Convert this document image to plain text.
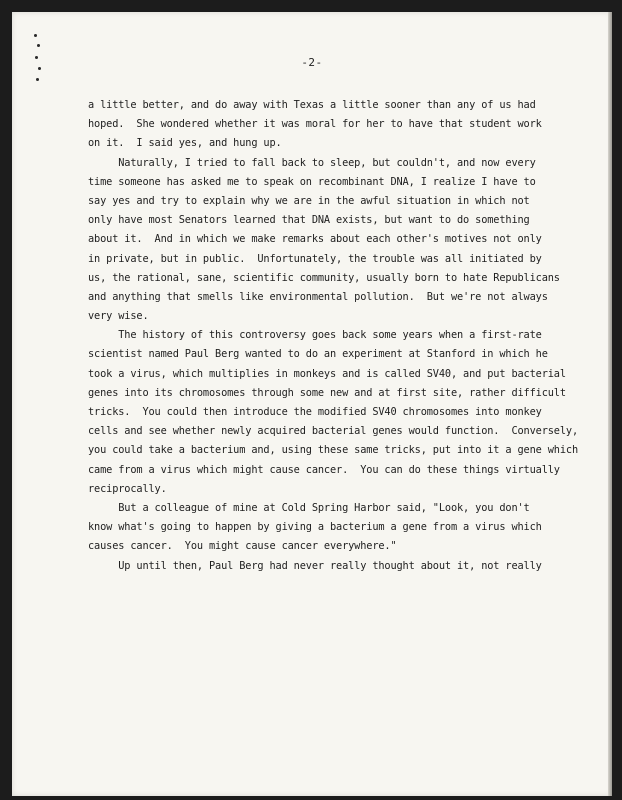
-2-
a little better, and do away with Texas a little sooner than any of us had
hoped.  She wondered whether it was moral for her to have that student work
on it.  I said yes, and hung up.
Naturally, I tried to fall back to sleep, but couldn't, and now every
time someone has asked me to speak on recombinant DNA, I realize I have to
say yes and try to explain why we are in the awful situation in which not
only have most Senators learned that DNA exists, but want to do something
about it.  And in which we make remarks about each other's motives not only
in private, but in public.  Unfortunately, the trouble was all initiated by
us, the rational, sane, scientific community, usually born to hate Republicans
and anything that smells like environmental pollution.  But we're not always
very wise.
The history of this controversy goes back some years when a first-rate
scientist named Paul Berg wanted to do an experiment at Stanford in which he
took a virus, which multiplies in monkeys and is called SV40, and put bacterial
genes into its chromosomes through some new and at first site, rather difficult
tricks.  You could then introduce the modified SV40 chromosomes into monkey
cells and see whether newly acquired bacterial genes would function.  Conversely,
you could take a bacterium and, using these same tricks, put into it a gene which
came from a virus which might cause cancer.  You can do these things virtually
reciprocally.
But a colleague of mine at Cold Spring Harbor said, "Look, you don't
know what's going to happen by giving a bacterium a gene from a virus which
causes cancer.  You might cause cancer everywhere."
Up until then, Paul Berg had never really thought about it, not really
